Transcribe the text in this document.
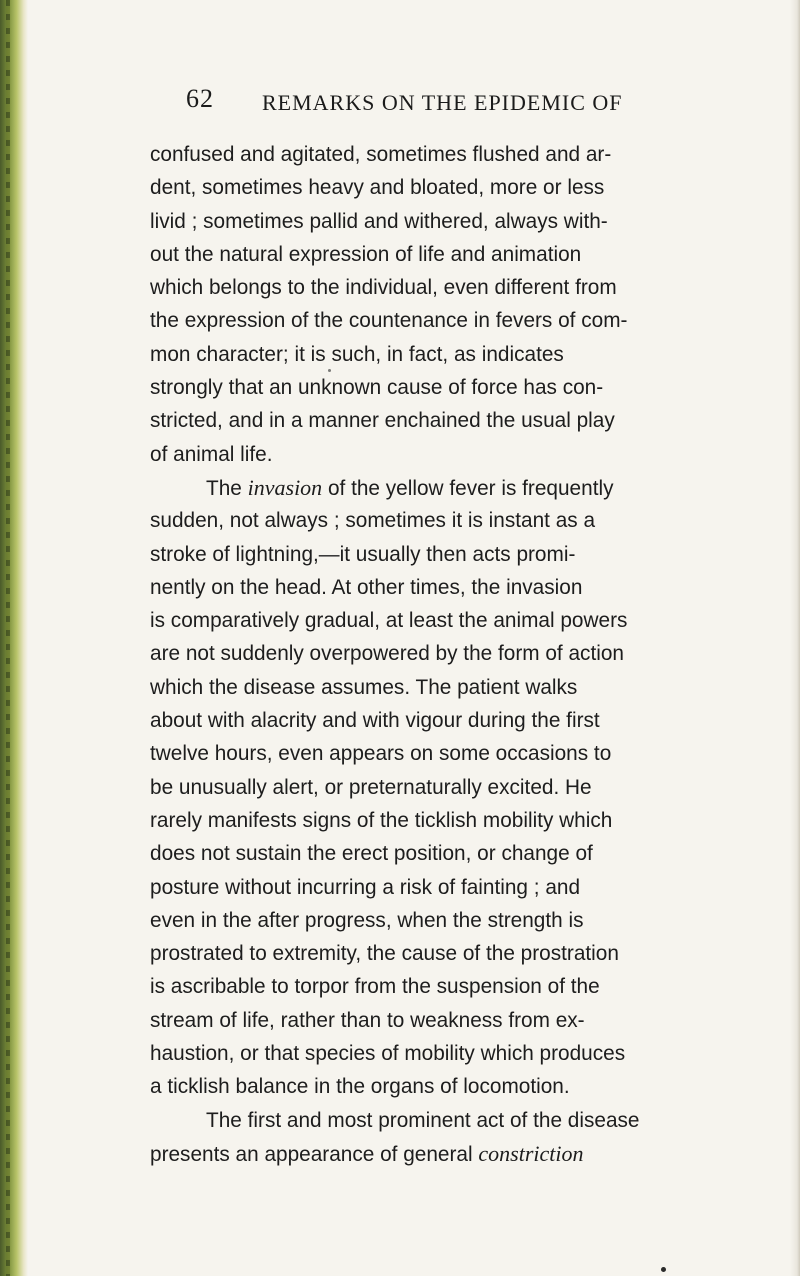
62 REMARKS ON THE EPIDEMIC OF
confused and agitated, sometimes flushed and ar-
dent, sometimes heavy and bloated, more or less
livid ; sometimes pallid and withered, always with-
out the natural expression of life and animation
which belongs to the individual, even different from
the expression of the countenance in fevers of com-
mon character; it is such, in fact, as indicates
strongly that an unknown cause of force has con-
stricted, and in a manner enchained the usual play
of animal life.
The invasion of the yellow fever is frequently
sudden, not always ; sometimes it is instant as a
stroke of lightning,—it usually then acts promi-
nently on the head. At other times, the invasion
is comparatively gradual, at least the animal powers
are not suddenly overpowered by the form of action
which the disease assumes. The patient walks
about with alacrity and with vigour during the first
twelve hours, even appears on some occasions to
be unusually alert, or preternaturally excited. He
rarely manifests signs of the ticklish mobility which
does not sustain the erect position, or change of
posture without incurring a risk of fainting ; and
even in the after progress, when the strength is
prostrated to extremity, the cause of the prostration
is ascribable to torpor from the suspension of the
stream of life, rather than to weakness from ex-
haustion, or that species of mobility which produces
a ticklish balance in the organs of locomotion.
The first and most prominent act of the disease
presents an appearance of general constriction
